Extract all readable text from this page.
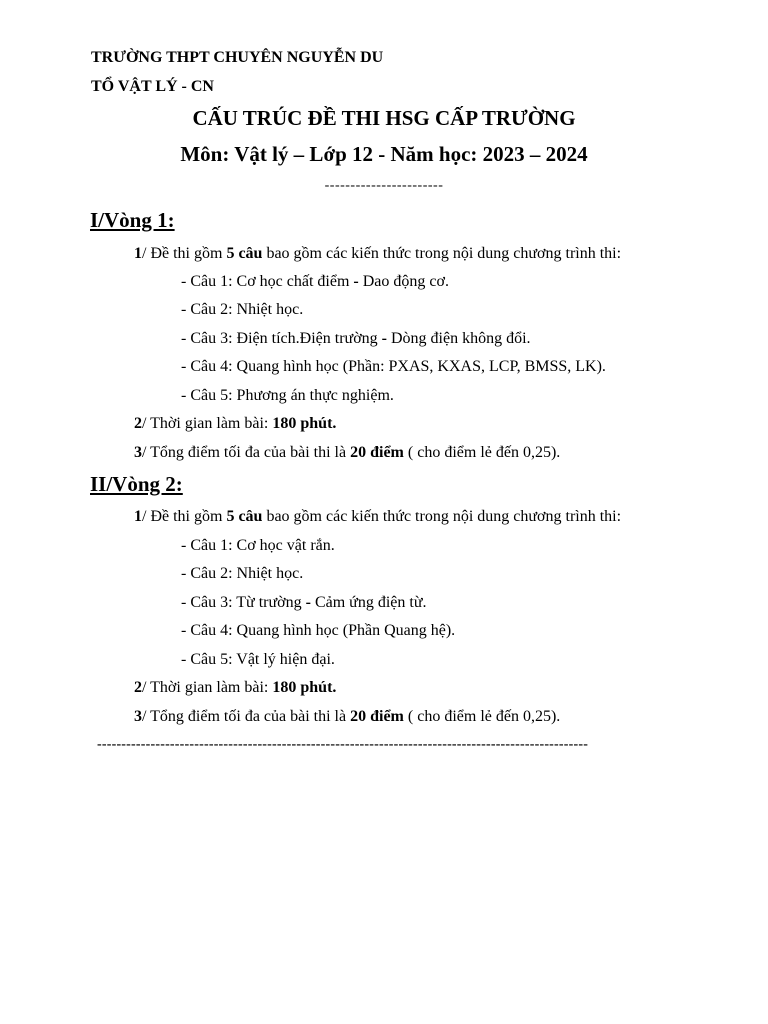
TRƯỜNG THPT CHUYÊN NGUYỄN DU
TỔ VẬT LÝ - CN
CẤU TRÚC ĐỀ THI HSG CẤP TRƯỜNG
Môn: Vật lý – Lớp 12 - Năm học: 2023 – 2024
-----------------------
I/Vòng 1:
1/ Đề thi gồm 5 câu bao gồm các kiến thức trong nội dung chương trình thi:
- Câu 1: Cơ học chất điểm - Dao động cơ.
- Câu 2: Nhiệt học.
- Câu 3: Điện tích.Điện trường - Dòng điện không đổi.
- Câu 4: Quang hình học (Phần: PXAS, KXAS, LCP, BMSS, LK).
- Câu 5: Phương án thực nghiệm.
2/ Thời gian làm bài: 180 phút.
3/ Tổng điểm tối đa của bài thi là 20 điểm ( cho điểm lẻ đến 0,25).
II/Vòng 2:
1/ Đề thi gồm 5 câu bao gồm các kiến thức trong nội dung chương trình thi:
- Câu 1: Cơ học vật rắn.
- Câu 2: Nhiệt học.
- Câu 3: Từ trường - Cảm ứng điện từ.
- Câu 4: Quang hình học (Phần Quang hệ).
- Câu 5: Vật lý hiện đại.
2/ Thời gian làm bài: 180 phút.
3/ Tổng điểm tối đa của bài thi là 20 điểm ( cho điểm lẻ đến 0,25).
-----------------------------------------------------------------------------------------------------
